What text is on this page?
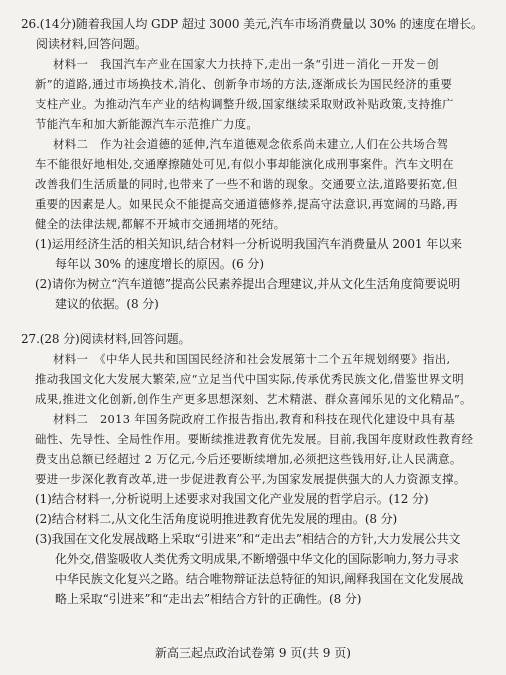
26.(14分)随着我国人均 GDP 超过 3000 美元,汽车市场消费量以 30% 的速度在增长。
阅读材料,回答问题。
材料一　我国汽车产业在国家大力扶持下,走出一条“引进－消化－开发－创
新”的道路,通过市场换技术,消化、创新争市场的方法,逐渐成长为国民经济的重要
支柱产业。为推动汽车产业的结构调整升级,国家继续采取财政补贴政策,支持推广
节能汽车和加大新能源汽车示范推广力度。
材料二　作为社会道德的延伸,汽车道德观念依系尚未建立,人们在公共场合驾
车不能很好地相处,交通摩擦随处可见,有似小事却能演化成刑事案件。汽车文明在
改善我们生活质量的同时,也带来了一些不和谐的现象。交通要立法,道路要拓宽,但
重要的因素是人。如果民众不能提高交通道德修养,提高守法意识,再宽阔的马路,再
健全的法律法规,都解不开城市交通拥堵的死结。
(1)运用经济生活的相关知识,结合材料一分析说明我国汽车消费量从 2001 年以来
每年以 30% 的速度增长的原因。(6 分)
(2)请你为树立“汽车道德”提高公民素养提出合理建议,并从文化生活角度简要说明
建议的依据。(8 分)
27.(28 分)阅读材料,回答问题。
材料一　《中华人民共和国国民经济和社会发展第十二个五年规划纲要》指出,
推动我国文化大发展大繁荣,应“立足当代中国实际,传承优秀民族文化,借鉴世界文明
成果,推进文化创新,创作生产更多思想深刻、艺术精湛、群众喜闻乐见的文化精品”。
材料二　2013 年国务院政府工作报告指出,教育和科技在现代化建设中具有基
础性、先导性、全局性作用。要断续推进教育优先发展。目前,我国年度财政性教育经
费支出总额已经超过 2 万亿元,今后还要断续增加,必须把这些钱用好,让人民满意。
要进一步深化教育改革,进一步促进教育公平,为国家发展提供强大的人力资源支撑。
(1)结合材料一,分析说明上述要求对我国文化产业发展的哲学启示。(12 分)
(2)结合材料二,从文化生活角度说明推进教育优先发展的理由。(8 分)
(3)我国在文化发展战略上采取“引进来”和“走出去”相结合的方针,大力发展公共文
化外交,借鉴吸收人类优秀文明成果,不断增强中华文化的国际影响力,努力寻求
中华民族文化复兴之路。结合唯物辩证法总特征的知识,阐释我国在文化发展战
略上采取“引进来”和“走出去”相结合方针的正确性。(8 分)
新高三起点政治试卷第 9 页(共 9 页)
